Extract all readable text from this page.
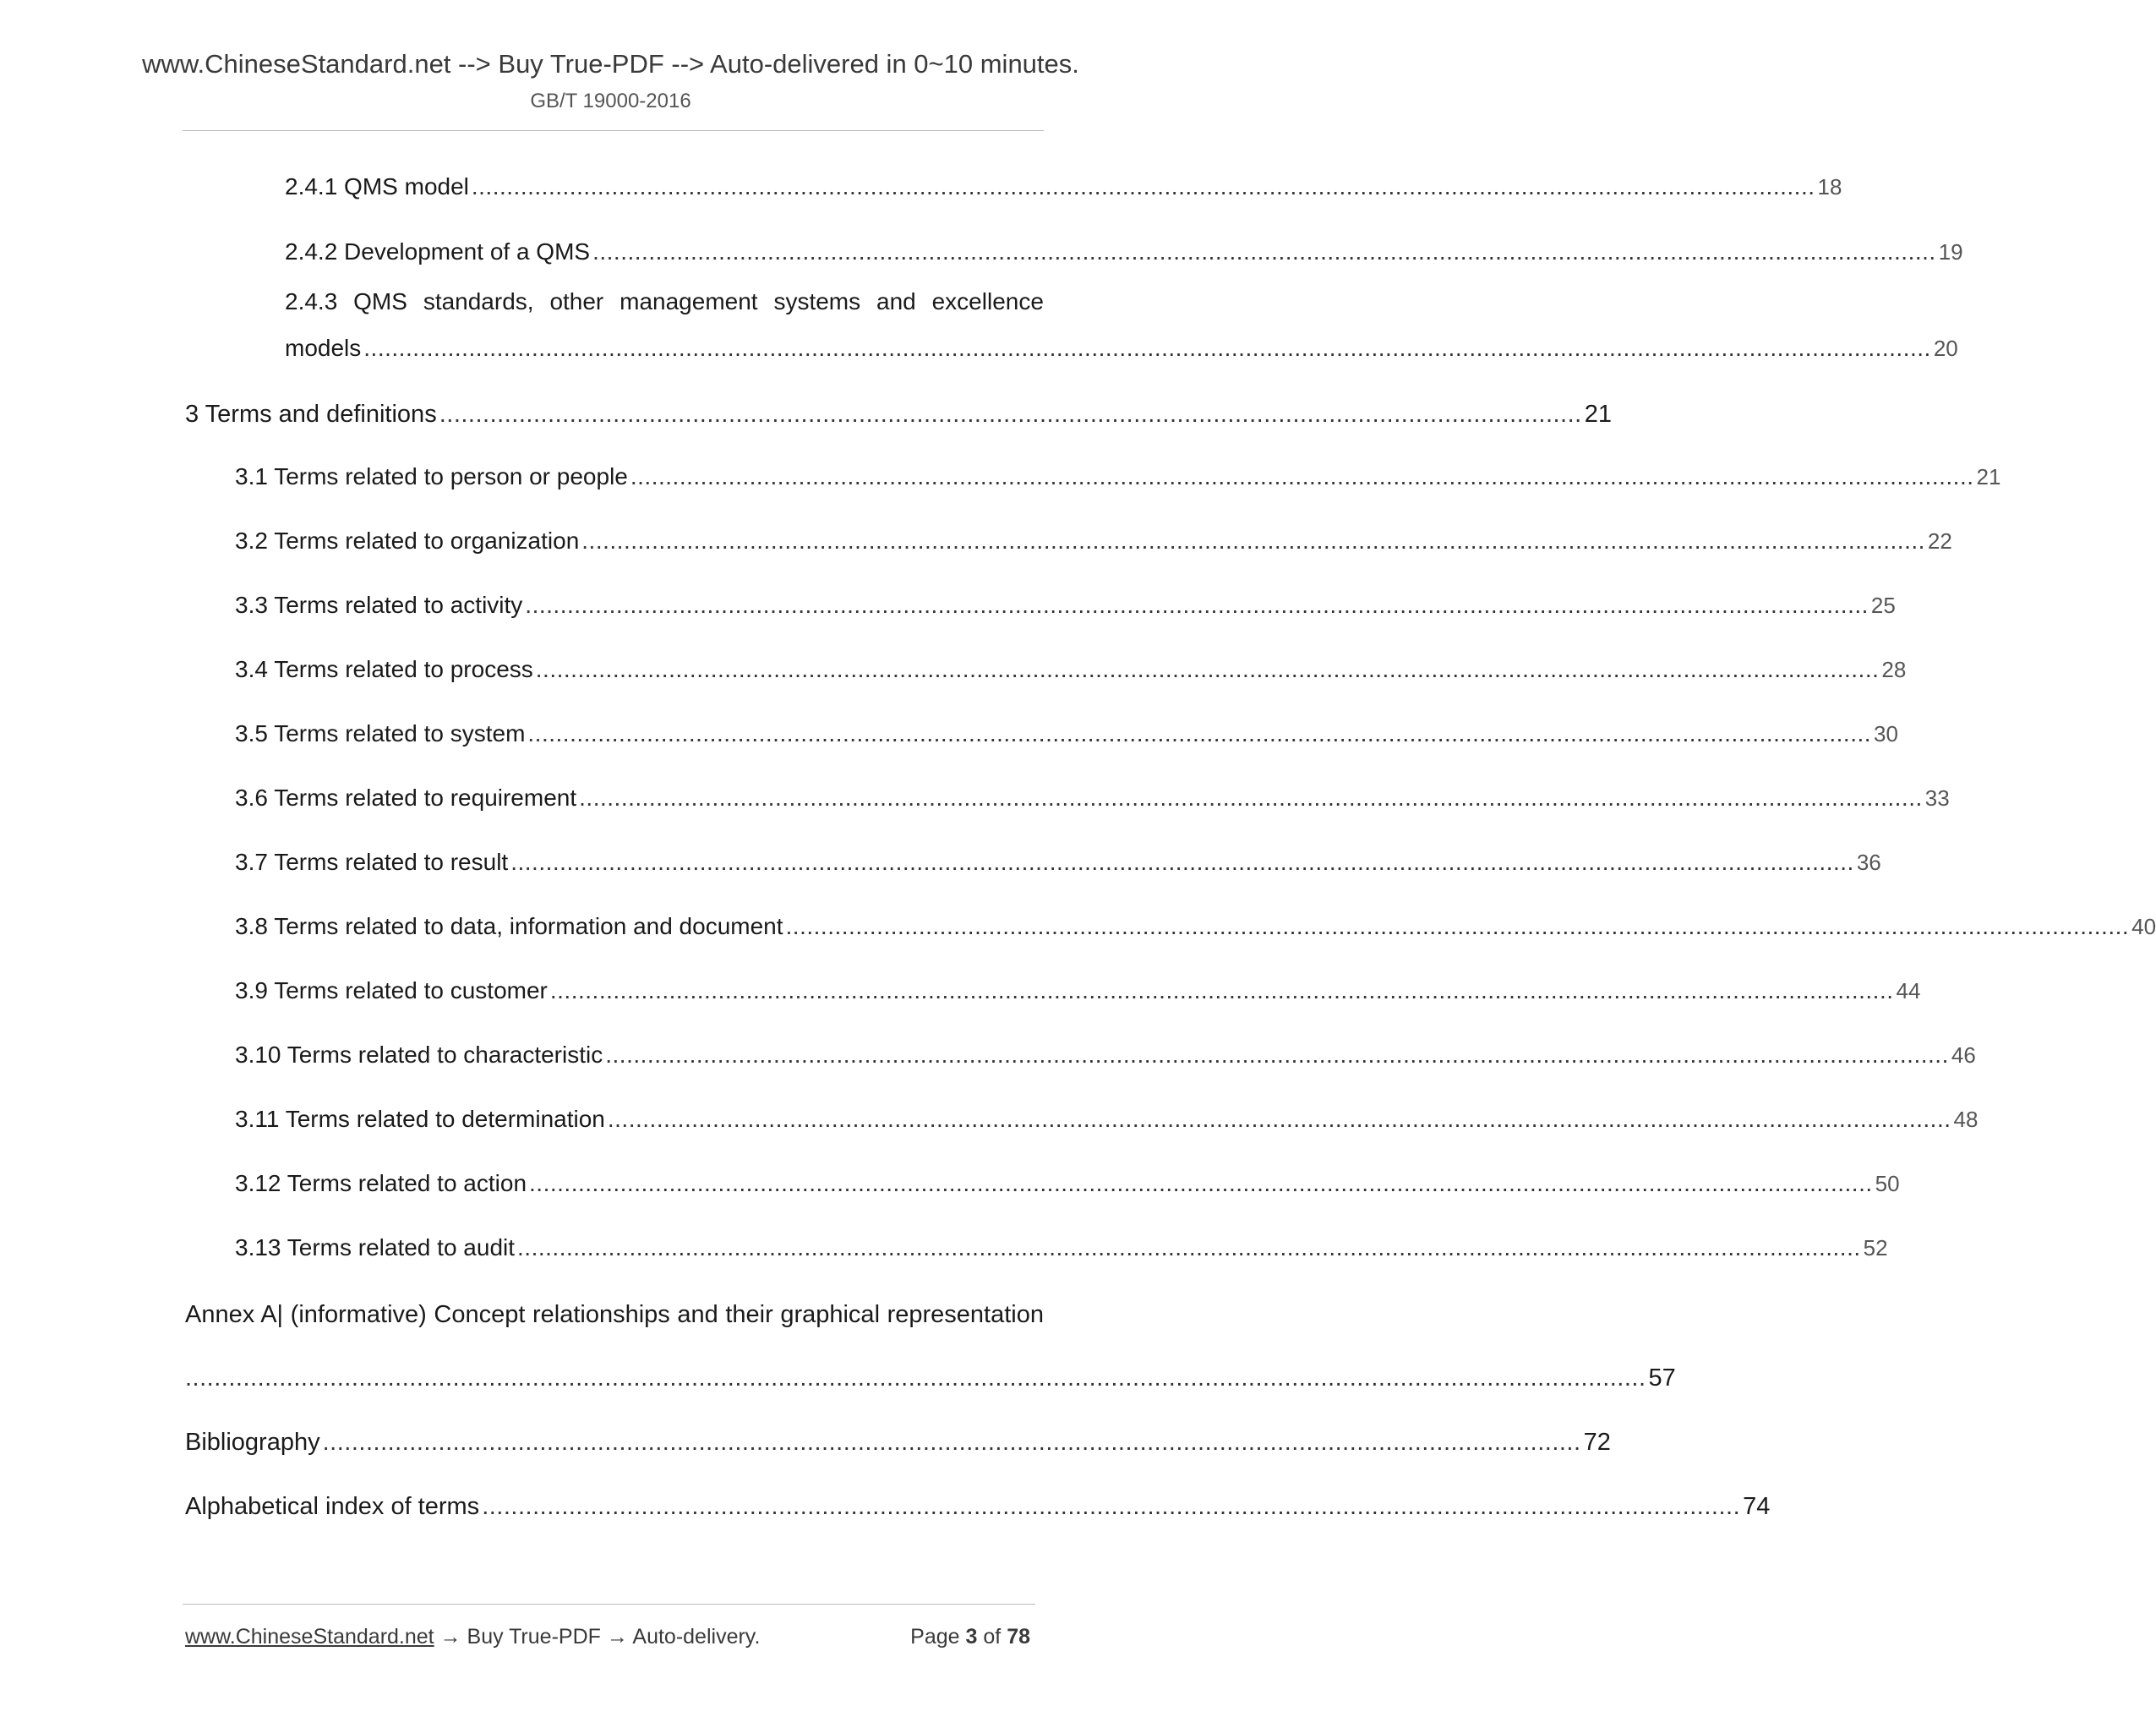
www.ChineseStandard.net --> Buy True-PDF --> Auto-delivered in 0~10 minutes.
GB/T 19000-2016
2.4.1 QMS model ................................................................................................................................................................................................ 18
2.4.2 Development of a QMS ................................................................................................................................................................................................ 19
2.4.3 QMS standards, other management systems and excellence
models ................................................................................................................................................................................................................................ 20
3 Terms and definitions .............................................................................................................................................................. 21
3.1 Terms related to person or people ................................................................................................................................................................................................ 21
3.2 Terms related to organization ................................................................................................................................................................................................ 22
3.3 Terms related to activity ................................................................................................................................................................................................ 25
3.4 Terms related to process ................................................................................................................................................................................................ 28
3.5 Terms related to system ................................................................................................................................................................................................ 30
3.6 Terms related to requirement ................................................................................................................................................................................................ 33
3.7 Terms related to result ................................................................................................................................................................................................ 36
3.8 Terms related to data, information and document ................................................................................................................................................................................................ 40
3.9 Terms related to customer ................................................................................................................................................................................................ 44
3.10 Terms related to characteristic ................................................................................................................................................................................................ 46
3.11 Terms related to determination ................................................................................................................................................................................................ 48
3.12 Terms related to action ................................................................................................................................................................................................ 50
3.13 Terms related to audit ................................................................................................................................................................................................ 52
Annex A| (informative) Concept relationships and their graphical representation
.......................................................................................................................................................................................................... 57
Bibliography .............................................................................................................................................................................. 72
Alphabetical index of terms .............................................................................................................................................................................. 74
www.ChineseStandard.net → Buy True-PDF → Auto-delivery.	Page 3 of 78
